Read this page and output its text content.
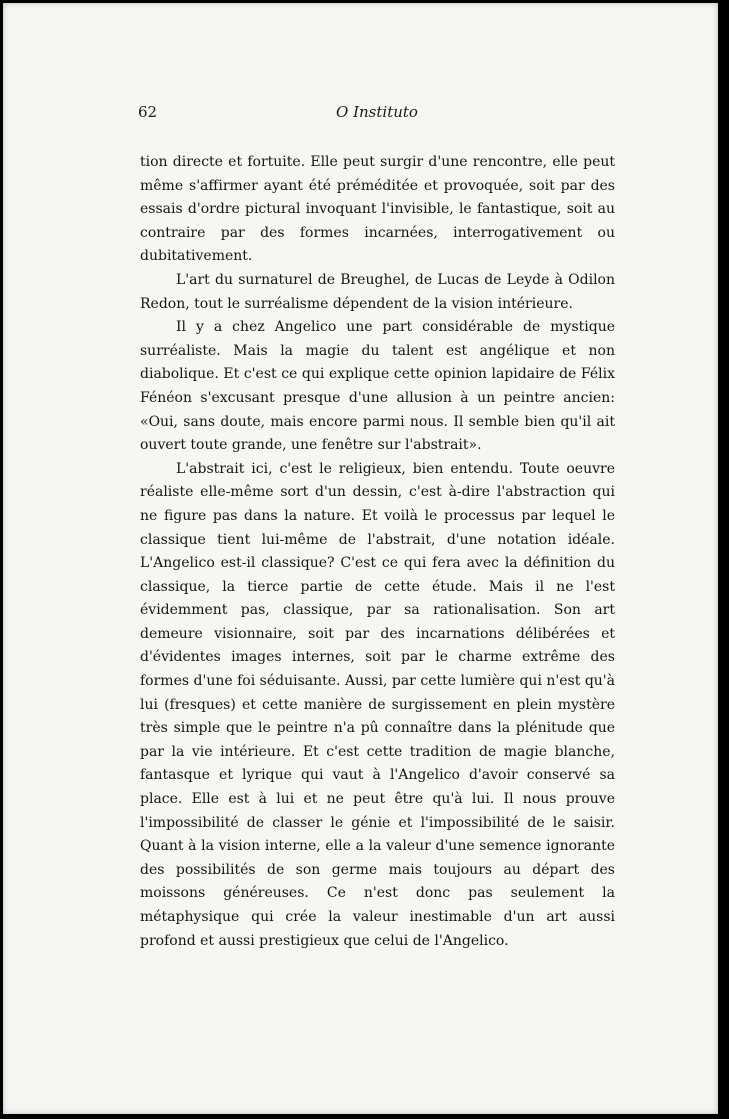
62	O Instituto

tion directe et fortuite. Elle peut surgir d'une rencontre, elle peut même s'affirmer ayant été préméditée et provoquée, soit par des essais d'ordre pictural invoquant l'invisible, le fantastique, soit au contraire par des formes incarnées, interrogativement ou dubitativement.

L'art du surnaturel de Breughel, de Lucas de Leyde à Odilon Redon, tout le surréalisme dépendent de la vision intérieure.

Il y a chez Angelico une part considérable de mystique surréaliste. Mais la magie du talent est angélique et non diabolique. Et c'est ce qui explique cette opinion lapidaire de Félix Fénéon s'excusant presque d'une allusion à un peintre ancien: «Oui, sans doute, mais encore parmi nous. Il semble bien qu'il ait ouvert toute grande, une fenêtre sur l'abstrait».

L'abstrait ici, c'est le religieux, bien entendu. Toute oeuvre réaliste elle-même sort d'un dessin, c'est à-dire l'abstraction qui ne figure pas dans la nature. Et voilà le processus par lequel le classique tient lui-même de l'abstrait, d'une notation idéale. L'Angelico est-il classique? C'est ce qui fera avec la définition du classique, la tierce partie de cette étude. Mais il ne l'est évidemment pas, classique, par sa rationalisation. Son art demeure visionnaire, soit par des incarnations délibérées et d'évidentes images internes, soit par le charme extrême des formes d'une foi séduisante. Aussi, par cette lumière qui n'est qu'à lui (fresques) et cette manière de surgissement en plein mystère très simple que le peintre n'a pû connaître dans la plénitude que par la vie intérieure. Et c'est cette tradition de magie blanche, fantasque et lyrique qui vaut à l'Angelico d'avoir conservé sa place. Elle est à lui et ne peut être qu'à lui. Il nous prouve l'impossibilité de classer le génie et l'impossibilité de le saisir. Quant à la vision interne, elle a la valeur d'une semence ignorante des possibilités de son germe mais toujours au départ des moissons généreuses. Ce n'est donc pas seulement la métaphysique qui crée la valeur inestimable d'un art aussi profond et aussi prestigieux que celui de l'Angelico.
